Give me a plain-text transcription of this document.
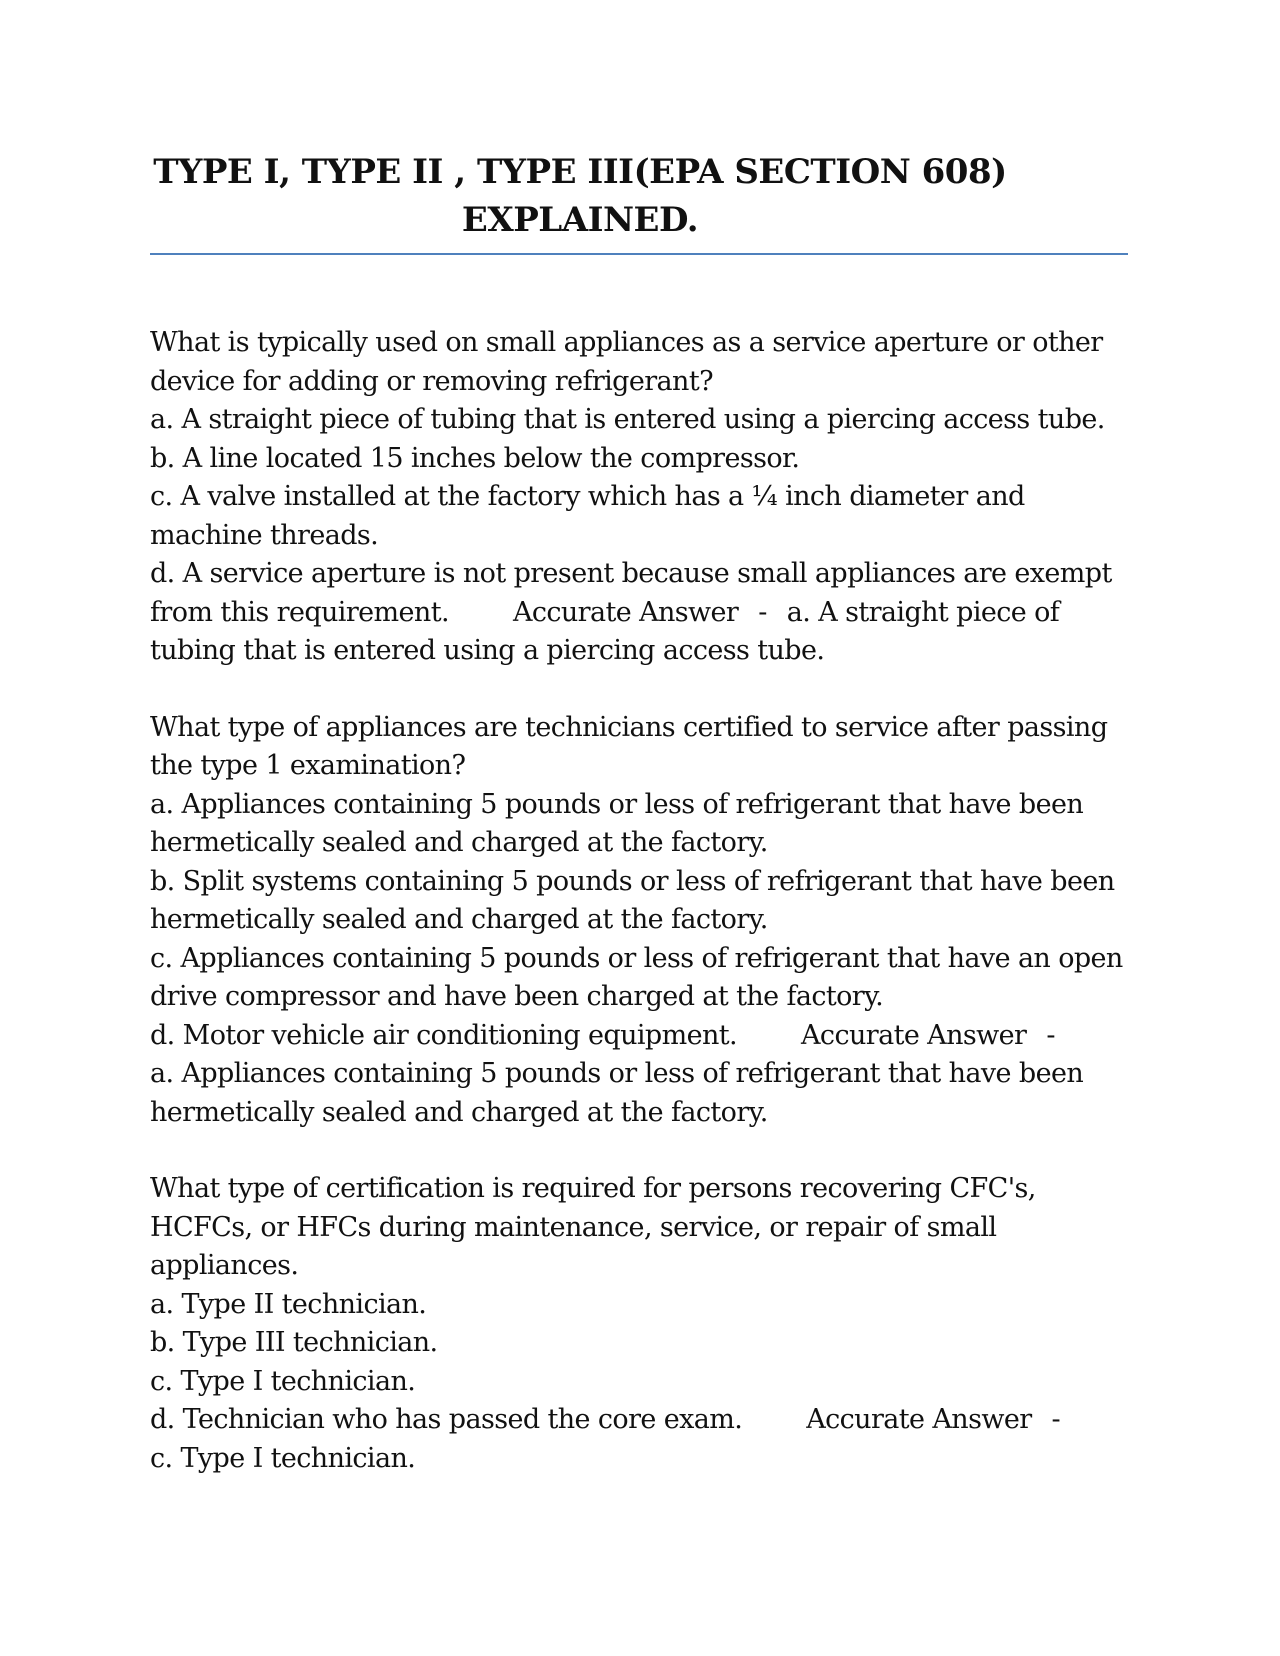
TYPE I, TYPE II , TYPE III(EPA SECTION 608)
EXPLAINED.
What is typically used on small appliances as a service aperture or other device for adding or removing refrigerant?
a. A straight piece of tubing that is entered using a piercing access tube.
b. A line located 15 inches below the compressor.
c. A valve installed at the factory which has a ¼ inch diameter and machine threads.
d. A service aperture is not present because small appliances are exempt from this requirement. Accurate Answer - a. A straight piece of tubing that is entered using a piercing access tube.
What type of appliances are technicians certified to service after passing the type 1 examination?
a. Appliances containing 5 pounds or less of refrigerant that have been hermetically sealed and charged at the factory.
b. Split systems containing 5 pounds or less of refrigerant that have been hermetically sealed and charged at the factory.
c. Appliances containing 5 pounds or less of refrigerant that have an open drive compressor and have been charged at the factory.
d. Motor vehicle air conditioning equipment. Accurate Answer -
a. Appliances containing 5 pounds or less of refrigerant that have been hermetically sealed and charged at the factory.
What type of certification is required for persons recovering CFC's, HCFCs, or HFCs during maintenance, service, or repair of small appliances.
a. Type II technician.
b. Type III technician.
c. Type I technician.
d. Technician who has passed the core exam. Accurate Answer -
c. Type I technician.
